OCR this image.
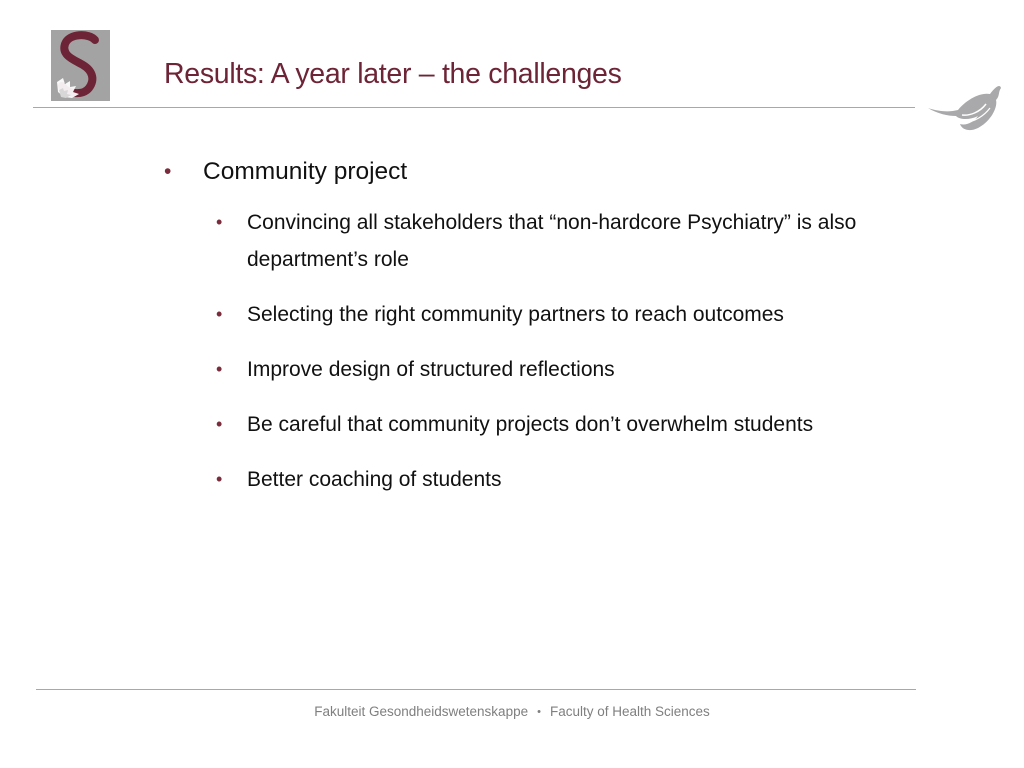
Results: A year later – the challenges
• Community project
• Convincing all stakeholders that “non-hardcore Psychiatry” is also department’s role
• Selecting the right community partners to reach outcomes
• Improve design of structured reflections
• Be careful that community projects don’t overwhelm students
• Better coaching of students
Fakulteit Gesondheidswetenskappe • Faculty of Health Sciences
